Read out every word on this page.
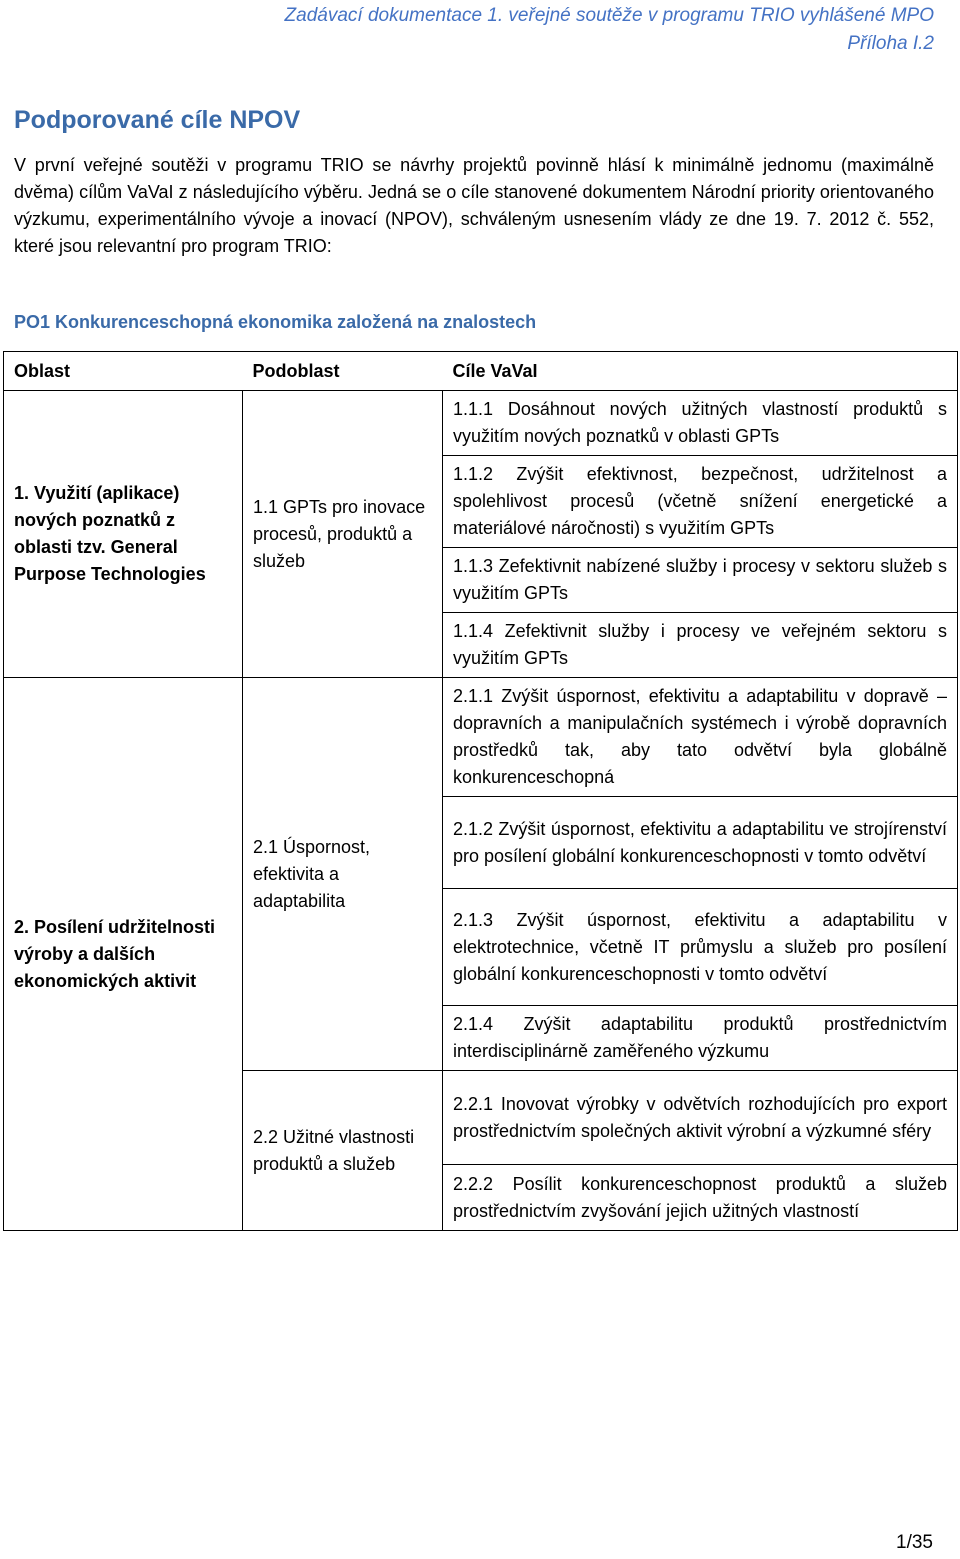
Zadávací dokumentace 1. veřejné soutěže v programu TRIO vyhlášené MPO
Příloha I.2
Podporované cíle NPOV

V první veřejné soutěži v programu TRIO se návrhy projektů povinně hlásí k minimálně jednomu (maximálně dvěma) cílům VaVaI z následujícího výběru. Jedná se o cíle stanovené dokumentem Národní priority orientovaného výzkumu, experimentálního vývoje a inovací (NPOV), schváleným usnesením vlády ze dne 19. 7. 2012 č. 552, které jsou relevantní pro program TRIO:

PO1 Konkurenceschopná ekonomika založená na znalostech
Oblast	Podoblast	Cíle VaVaI

1. Využití (aplikace) nových poznatků z oblasti tzv. General Purpose Technologies	1.1 GPTs pro inovace procesů, produktů a služeb	1.1.1 Dosáhnout nových užitných vlastností produktů s využitím nových poznatků v oblasti GPTs
		1.1.2 Zvýšit efektivnost, bezpečnost, udržitelnost a spolehlivost procesů (včetně snížení energetické a materiálové náročnosti) s využitím GPTs
		1.1.3 Zefektivnit nabízené služby i procesy v sektoru služeb s využitím GPTs
		1.1.4 Zefektivnit služby i procesy ve veřejném sektoru s využitím GPTs

2. Posílení udržitelnosti výroby a dalších ekonomických aktivit	2.1 Úspornost, efektivita a adaptabilita	2.1.1 Zvýšit úspornost, efektivitu a adaptabilitu v dopravě – dopravních a manipulačních systémech i výrobě dopravních prostředků tak, aby tato odvětví byla globálně konkurenceschopná
		2.1.2 Zvýšit úspornost, efektivitu a adaptabilitu ve strojírenství pro posílení globální konkurenceschopnosti v tomto odvětví
		2.1.3 Zvýšit úspornost, efektivitu a adaptabilitu v elektrotechnice, včetně IT průmyslu a služeb pro posílení globální konkurenceschopnosti v tomto odvětví
		2.1.4 Zvýšit adaptabilitu produktů prostřednictvím interdisciplinárně zaměřeného výzkumu

	2.2 Užitné vlastnosti produktů a služeb	2.2.1 Inovovat výrobky v odvětvích rozhodujících pro export prostřednictvím společných aktivit výrobní a výzkumné sféry
		2.2.2 Posílit konkurenceschopnost produktů a služeb prostřednictvím zvyšování jejich užitných vlastností
1/35
